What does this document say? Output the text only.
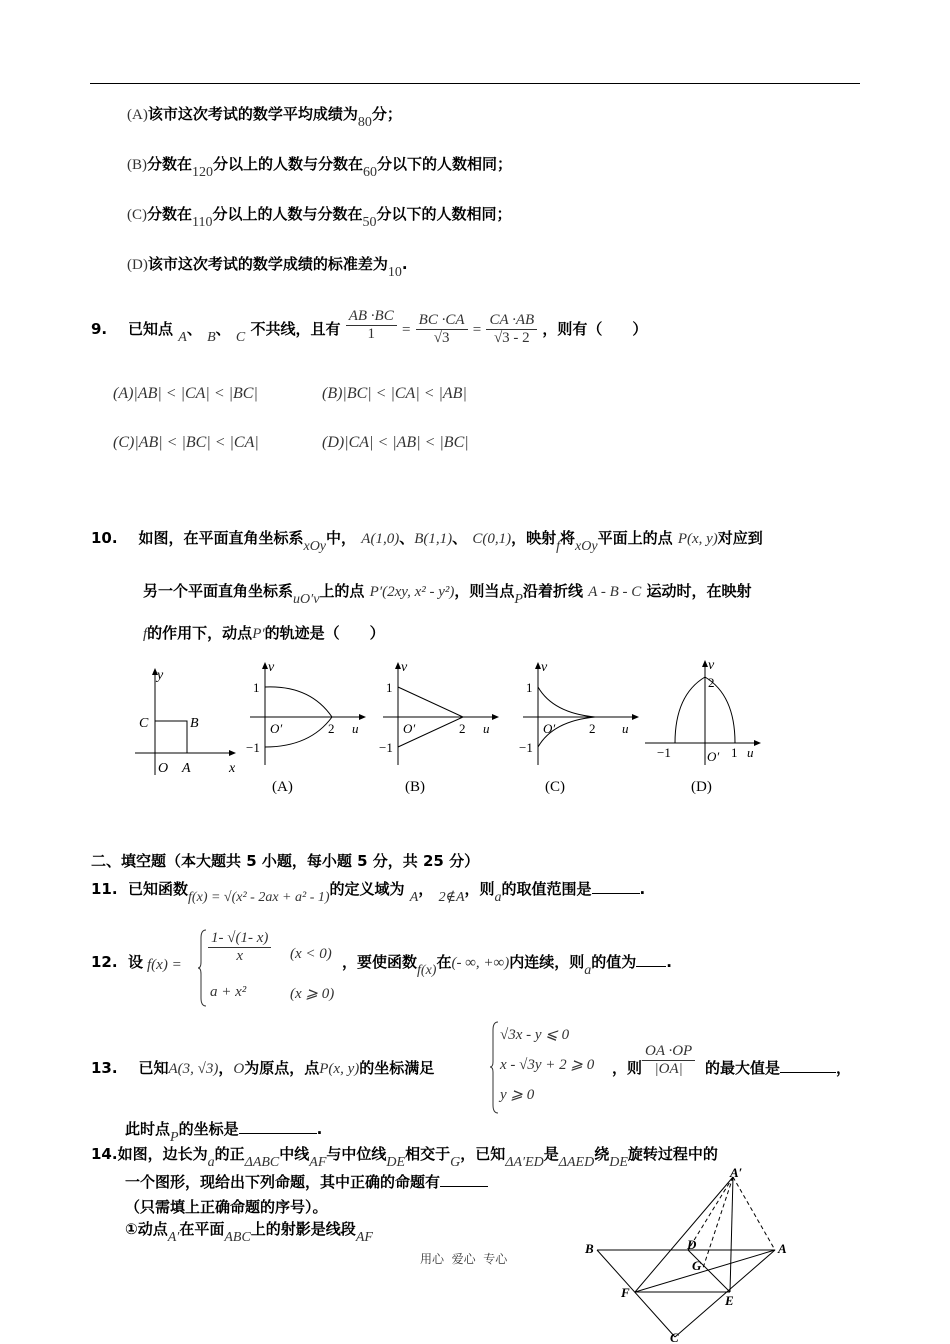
(A)该市这次考试的数学平均成绩为80分；
(B)分数在120分以上的人数与分数在60分以下的人数相同；
(C)分数在110分以上的人数与分数在50分以下的人数相同；
(D)该市这次考试的数学成绩的标准差为10.
9. 已知点 A、 B、 C 不共线，且有 $\frac{AB \cdot BC}{1} = \frac{BC \cdot CA}{√3} = \frac{CA \cdot AB}{√3 - 2}$ ，则有（　　）
(A)|AB| < |CA| < |BC|	(B)|BC| < |CA| < |AB|
(C)|AB| < |BC| < |CA|	(D)|CA| < |AB| < |BC|
10. 如图，在平面直角坐标系xOy中， A(1,0)、B(1,1)、 C(0,1)，映射f将xOy平面上的点 P(x, y)对应到
另一个平面直角坐标系uO′v上的点 P′(2xy, x² - y²)，则当点P沿着折线 A - B - C 运动时，在映射
f的作用下，动点P′的轨迹是（　　）
y
C	B
O A	x
v
1
−1
O′	2 u
(A)
v
1
−1
O′	2 u
(B)
v
1
−1
O′	2 u
(C)
v
2
−1	O′ 1 u
(D)
二、填空题（本大题共 5 小题，每小题 5 分，共 25 分）
11. 已知函数f(x) = √(x² - 2ax + a² - 1)的定义域为 A， 2∉A，则a的取值范围是	.
12. 设 $f(x) = \frac{1- √(1- x)}{x} (x < 0)$
a + x²	(x ⩾ 0)
，要使函数f(x)在(- ∞, +∞)内连续，则a的值为 .
13. 已知A(3, √3)，O为原点，点P(x, y)的坐标满足
√3x - y ⩽ 0
x - √3y + 2 ⩾ 0
y ⩾ 0
，则 $\frac{OA \cdot OP}{|OA|}$ 的最大值是	，
此时点P的坐标是	.
14.如图，边长为a的正ΔABC中线AF与中位线DE相交于G，已知ΔA′ED是ΔAED绕DE旋转过程中的
一个图形，现给出下列命题，其中正确的命题有
（只需填上正确命题的序号）。
①动点A′在平面ABC上的射影是线段AF
A′
B	A
D
G
F
E
C
用心  爱心  专心
